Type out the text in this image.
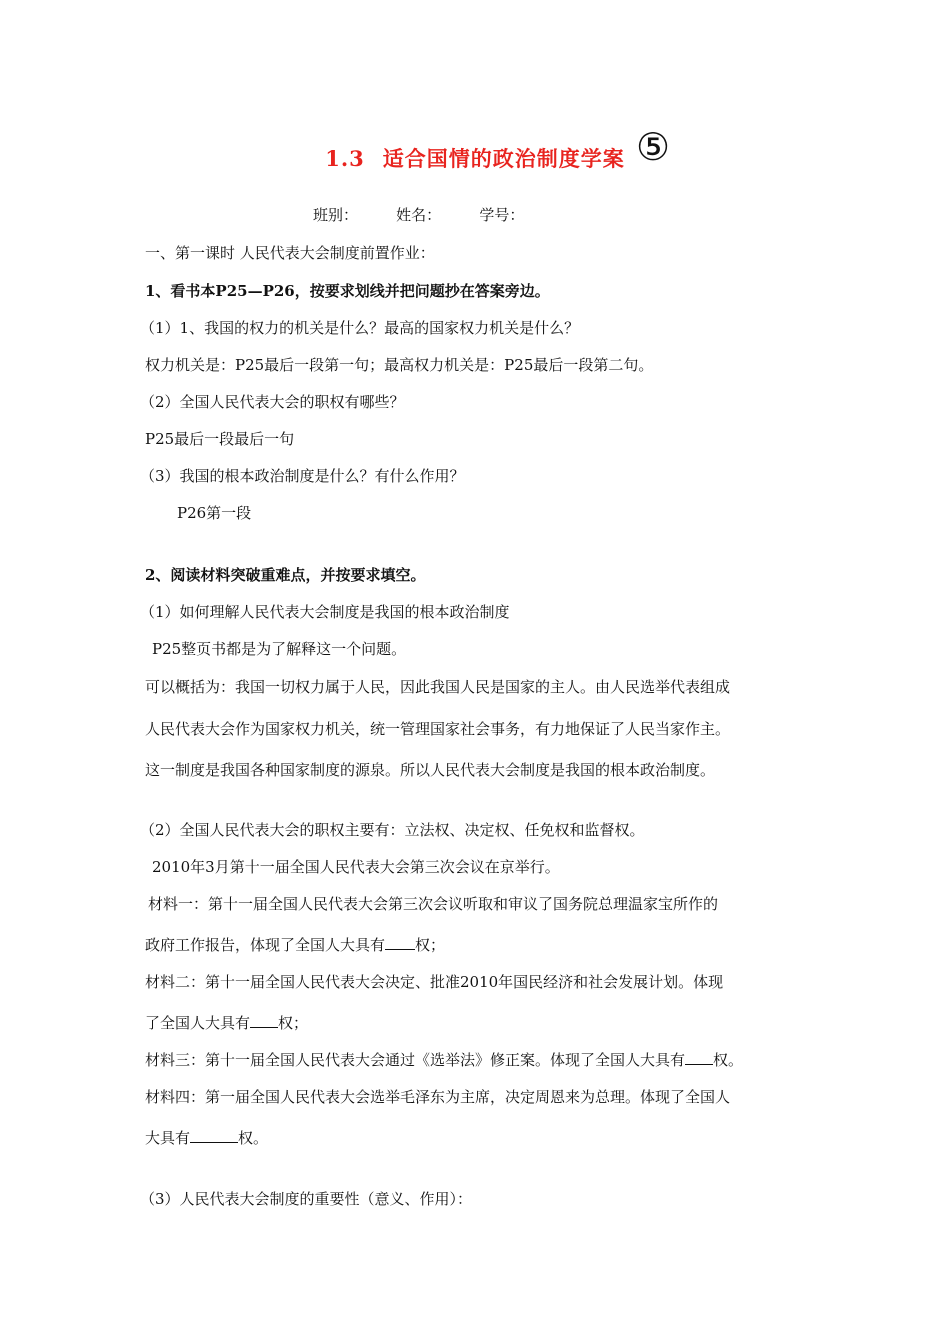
1.3 适合国情的政治制度学案 ⑤
班别：	姓名：	学号：
一、第一课时 人民代表大会制度前置作业：
1、看书本P25—P26，按要求划线并把问题抄在答案旁边。
（1）1、我国的权力的机关是什么？最高的国家权力机关是什么？
权力机关是：P25最后一段第一句；最高权力机关是：P25最后一段第二句。
（2）全国人民代表大会的职权有哪些？
P25最后一段最后一句
（3）我国的根本政治制度是什么？有什么作用？
P26第一段
2、阅读材料突破重难点，并按要求填空。
（1）如何理解人民代表大会制度是我国的根本政治制度
P25整页书都是为了解释这一个问题。
可以概括为：我国一切权力属于人民，因此我国人民是国家的主人。由人民选举代表组成
人民代表大会作为国家权力机关，统一管理国家社会事务，有力地保证了人民当家作主。
这一制度是我国各种国家制度的源泉。所以人民代表大会制度是我国的根本政治制度。
（2）全国人民代表大会的职权主要有：立法权、决定权、任免权和监督权。
2010年3月第十一届全国人民代表大会第三次会议在京举行。
材料一：第十一届全国人民代表大会第三次会议听取和审议了国务院总理温家宝所作的
政府工作报告，体现了全国人大具有 权；
材料二：第十一届全国人民代表大会决定、批准2010年国民经济和社会发展计划。体现
了全国人大具有 权；
材料三：第十一届全国人民代表大会通过《选举法》修正案。体现了全国人大具有 权。
材料四：第一届全国人民代表大会选举毛泽东为主席，决定周恩来为总理。体现了全国人
大具有	权。
（3）人民代表大会制度的重要性（意义、作用）：
